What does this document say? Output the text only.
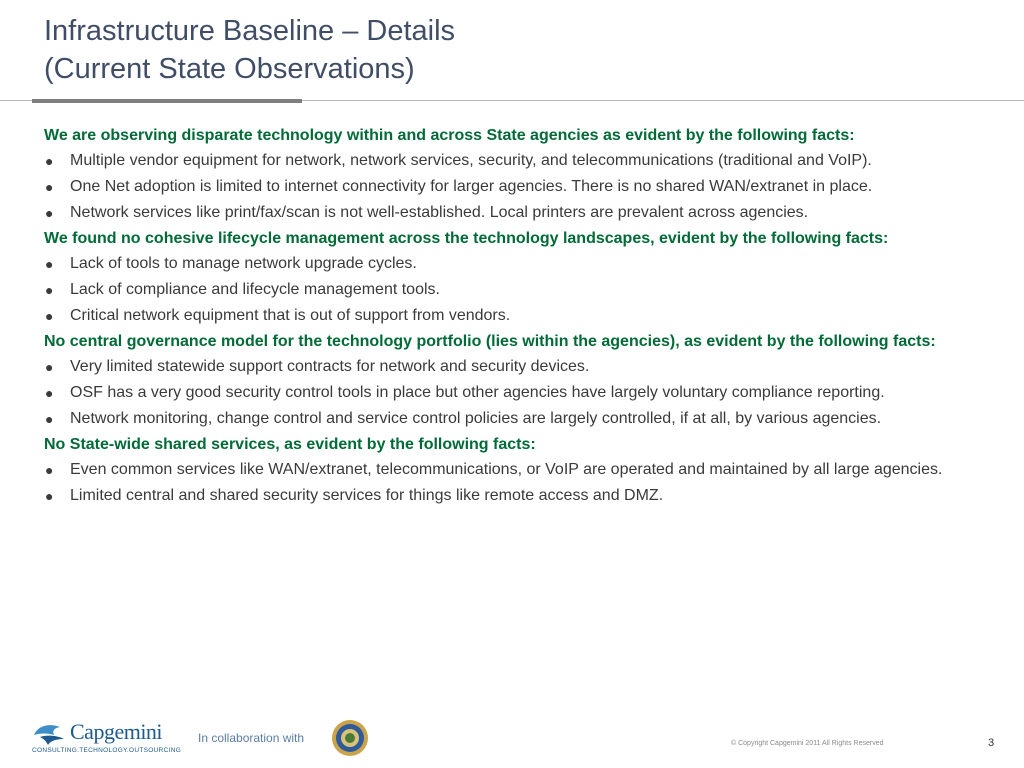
Infrastructure Baseline – Details
(Current State Observations)
We are observing disparate technology within and across State agencies as evident by the following facts:
● Multiple vendor equipment for network, network services, security, and telecommunications (traditional and VoIP).
● One Net adoption is limited to internet connectivity for larger agencies. There is no shared WAN/extranet in place.
● Network services like print/fax/scan is not well-established. Local printers are prevalent across agencies.
We found no cohesive lifecycle management across the technology landscapes, evident by the following facts:
● Lack of tools to manage network upgrade cycles.
● Lack of compliance and lifecycle management tools.
● Critical network equipment that is out of support from vendors.
No central governance model for the technology portfolio (lies within the agencies), as evident by the following facts:
● Very limited statewide support contracts for network and security devices.
● OSF has a very good security control tools in place but other agencies have largely voluntary compliance reporting.
● Network monitoring, change control and service control policies are largely controlled, if at all, by various agencies.
No State-wide shared services, as evident by the following facts:
● Even common services like WAN/extranet, telecommunications, or VoIP are operated and maintained by all large agencies.
● Limited central and shared security services for things like remote access and DMZ.
Capgemini
CONSULTING.TECHNOLOGY.OUTSOURCING
In collaboration with	© Copyright Capgemini 2011 All Rights Reserved	3
